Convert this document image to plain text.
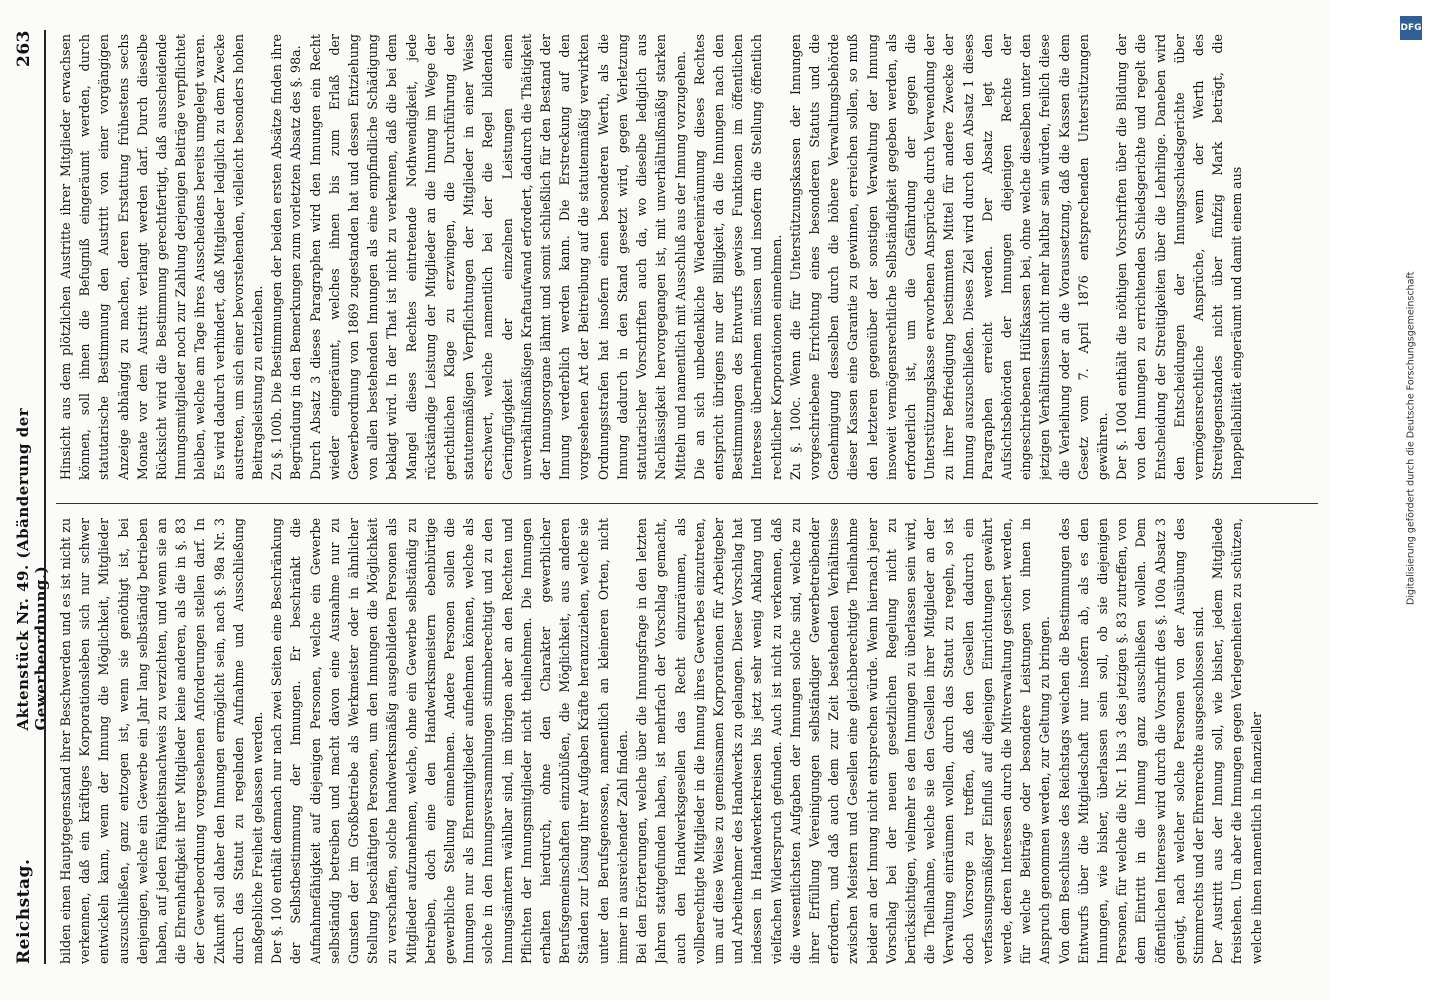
Reichstag.
Aktenstück Nr. 49. (Abänderung der Gewerbeordnung.)
263

bilden einen Hauptgegenstand ihrer Beschwerden und es ist nicht zu verkennen, daß ein kräftiges Korporationsleben sich nur schwer entwickeln kann, wenn der Innung die Möglichkeit, Mitglieder auszuschließen, ganz entzogen ist, wenn sie genöthigt ist, bei denjenigen, welche ein Gewerbe ein Jahr lang selbständig betrieben haben, auf jeden Fähigkeitsnachweis zu verzichten, und wenn sie an die Ehrenhaftigkeit ihrer Mitglieder keine anderen, als die in §. 83 der Gewerbeordnung vorgesehenen Anforderungen stellen darf. In Zukunft soll daher den Innungen ermöglicht sein, nach §. 98a Nr. 3 durch das Statut zu regelnden Aufnahme und Ausschließung maßgebliche Freiheit gelassen werden. Der §. 100 enthält demnach nur nach zwei Seiten eine Beschränkung der Selbstbestimmung der Innungen. Er beschränkt die Aufnahmefähigkeit auf diejenigen Personen, welche ein Gewerbe selbständig betreiben und macht davon eine Ausnahme nur zu Gunsten der im Großbetriebe als Werkmeister oder in ähnlicher Stellung beschäftigten Personen, um den Innungen die Möglichkeit zu verschaffen, solche handwerksmäßig ausgebildeten Personen als Mitglieder aufzunehmen, welche, ohne ein Gewerbe selbständig zu betreiben, doch eine den Handwerksmeistern ebenbürtige gewerbliche Stellung einnehmen. Andere Personen sollen die Innungen nur als Ehrenmitglieder aufnehmen können, welche als solche in den Innungsversammlungen stimmberechtigt und zu den Innungsämtern wählbar sind, im übrigen aber an den Rechten und Pflichten der Innungsmitglieder nicht theilnehmen. Die Innungen erhalten hierdurch, ohne den Charakter gewerblicher Berufsgemeinschaften einzubüßen, die Möglichkeit, aus anderen Ständen zur Lösung ihrer Aufgaben Kräfte heranzuziehen, welche sie unter den Berufsgenossen, namentlich an kleineren Orten, nicht immer in ausreichender Zahl finden. Bei den Erörterungen, welche über die Innungsfrage in den letzten Jahren stattgefunden haben, ist mehrfach der Vorschlag gemacht, auch den Handwerksgesellen das Recht einzuräumen, als vollberechtigte Mitglieder in die Innung ihres Gewerbes einzutreten, um auf diese Weise zu gemeinsamen Korporationen für Arbeitgeber und Arbeitnehmer des Handwerks zu gelangen. Dieser Vorschlag hat indessen in Handwerkerkreisen bis jetzt sehr wenig Anklang und vielfachen Widerspruch gefunden. Auch ist nicht zu verkennen, daß die wesentlichsten Aufgaben der Innungen solche sind, welche zu ihrer Erfüllung Vereinigungen selbständiger Gewerbetreibender erfordern, und daß auch dem zur Zeit bestehenden Verhältnisse zwischen Meistern und Gesellen eine gleichberechtigte Theilnahme beider an der Innung nicht entsprechen würde. Wenn hiernach jener Vorschlag bei der neuen gesetzlichen Regelung nicht zu berücksichtigen, vielmehr es den Innungen zu überlassen sein wird, die Theilnahme, welche sie den Gesellen ihrer Mitglieder an der Verwaltung einräumen wollen, durch das Statut zu regeln, so ist doch Vorsorge zu treffen, daß den Gesellen dadurch ein verfassungsmäßiger Einfluß auf diejenigen Einrichtungen gewährt werde, deren Interessen durch die Mitverwaltung gesichert werden, für welche Beiträge oder besondere Leistungen von ihnen in Anspruch genommen werden, zur Geltung zu bringen. Von dem Beschlusse des Reichstags weichen die Bestimmungen des Entwurfs über die Mitgliedschaft nur insofern ab, als es den Innungen, wie bisher, überlassen sein soll, ob sie diejenigen Personen, für welche die Nr. 1 bis 3 des jetzigen §. 83 zutreffen, von dem Eintritt in die Innung ganz ausschließen wollen. Dem öffentlichen Interesse wird durch die Vorschrift des §. 100a Absatz 3 genügt, nach welcher solche Personen von der Ausübung des Stimmrechts und der Ehrenrechte ausgeschlossen sind. Der Austritt aus der Innung soll, wie bisher, jedem Mitgliede freistehen. Um aber die Innungen gegen Verlegenheiten zu schützen, welche ihnen namentlich in finanzieller

Hinsicht aus dem plötzlichen Austritte ihrer Mitglieder erwachsen können, soll ihnen die Befugniß eingeräumt werden, durch statutarische Bestimmung den Austritt von einer vorgängigen Anzeige abhängig zu machen, deren Erstattung frühestens sechs Monate vor dem Austritt verlangt werden darf. Durch dieselbe Rücksicht wird die Bestimmung gerechtfertigt, daß ausscheidende Innungsmitglieder noch zur Zahlung derjenigen Beiträge verpflichtet bleiben, welche am Tage ihres Ausscheidens bereits umgelegt waren. Es wird dadurch verhindert, daß Mitglieder lediglich zu dem Zwecke austreten, um sich einer bevorstehenden, vielleicht besonders hohen Beitragsleistung zu entziehen. Zu §. 100b. Die Bestimmungen der beiden ersten Absätze finden ihre Begründung in den Bemerkungen zum vorletzten Absatz des §. 98a. Durch Absatz 3 dieses Paragraphen wird den Innungen ein Recht wieder eingeräumt, welches ihnen bis zum Erlaß der Gewerbeordnung von 1869 zugestanden hat und dessen Entziehung von allen bestehenden Innungen als eine empfindliche Schädigung beklagt wird. In der That ist nicht zu verkennen, daß die bei dem Mangel dieses Rechtes eintretende Nothwendigkeit, jede rückständige Leistung der Mitglieder an die Innung im Wege der gerichtlichen Klage zu erzwingen, die Durchführung der statutenmäßigen Verpflichtungen der Mitglieder in einer Weise erschwert, welche namentlich bei der die Regel bildenden Geringfügigkeit der einzelnen Leistungen einen unverhältnißmäßigen Kraftaufwand erfordert, dadurch die Thätigkeit der Innungsorgane lähmt und somit schließlich für den Bestand der Innung verderblich werden kann. Die Erstreckung auf den vorgesehenen Art der Beitreibung auf die statutenmäßig verwirkten Ordnungsstrafen hat insofern einen besonderen Werth, als die Innung dadurch in den Stand gesetzt wird, gegen Verletzung statutarischer Vorschriften auch da, wo dieselbe lediglich aus Nachlässigkeit hervorgegangen ist, mit unverhältnißmäßig starken Mitteln und namentlich mit Ausschluß aus der Innung vorzugehen. Die an sich unbedenkliche Wiedereinräumung dieses Rechtes entspricht übrigens nur der Billigkeit, da die Innungen nach den Bestimmungen des Entwurfs gewisse Funktionen im öffentlichen Interesse übernehmen müssen und insofern die Stellung öffentlich rechtlicher Korporationen einnehmen. Zu §. 100c. Wenn die für Unterstützungskassen der Innungen vorgeschriebene Errichtung eines besonderen Statuts und die Genehmigung desselben durch die höhere Verwaltungsbehörde dieser Kassen eine Garantie zu gewinnen, erreichen sollen, so muß den letzteren gegenüber der sonstigen Verwaltung der Innung insoweit vermögensrechtliche Selbständigkeit gegeben werden, als erforderlich ist, um die Gefährdung der gegen die Unterstützungskasse erworbenen Ansprüche durch Verwendung der zu ihrer Befriedigung bestimmten Mittel für andere Zwecke der Innung auszuschließen. Dieses Ziel wird durch den Absatz 1 dieses Paragraphen erreicht werden. Der Absatz legt den Aufsichtsbehörden der Innungen diejenigen Rechte der eingeschriebenen Hülfskassen bei, ohne welche dieselben unter den jetzigen Verhältnissen nicht mehr haltbar sein würden, freilich diese die Verleihung oder an die Voraussetzung, daß die Kassen die dem Gesetz vom 7. April 1876 entsprechenden Unterstützungen gewähren. Der §. 100d enthält die nöthigen Vorschriften über die Bildung der von den Innungen zu errichtenden Schiedsgerichte und regelt die Entscheidung der Streitigkeiten über die Lehrlinge. Daneben wird den Entscheidungen der Innungsschiedsgerichte über vermögensrechtliche Ansprüche, wenn der Werth des Streitgegenstandes nicht über fünfzig Mark beträgt, die Inappellabilität eingeräumt und damit einem aus

DFG
Digitalisierung gefördert durch die Deutsche Forschungsgemeinschaft
